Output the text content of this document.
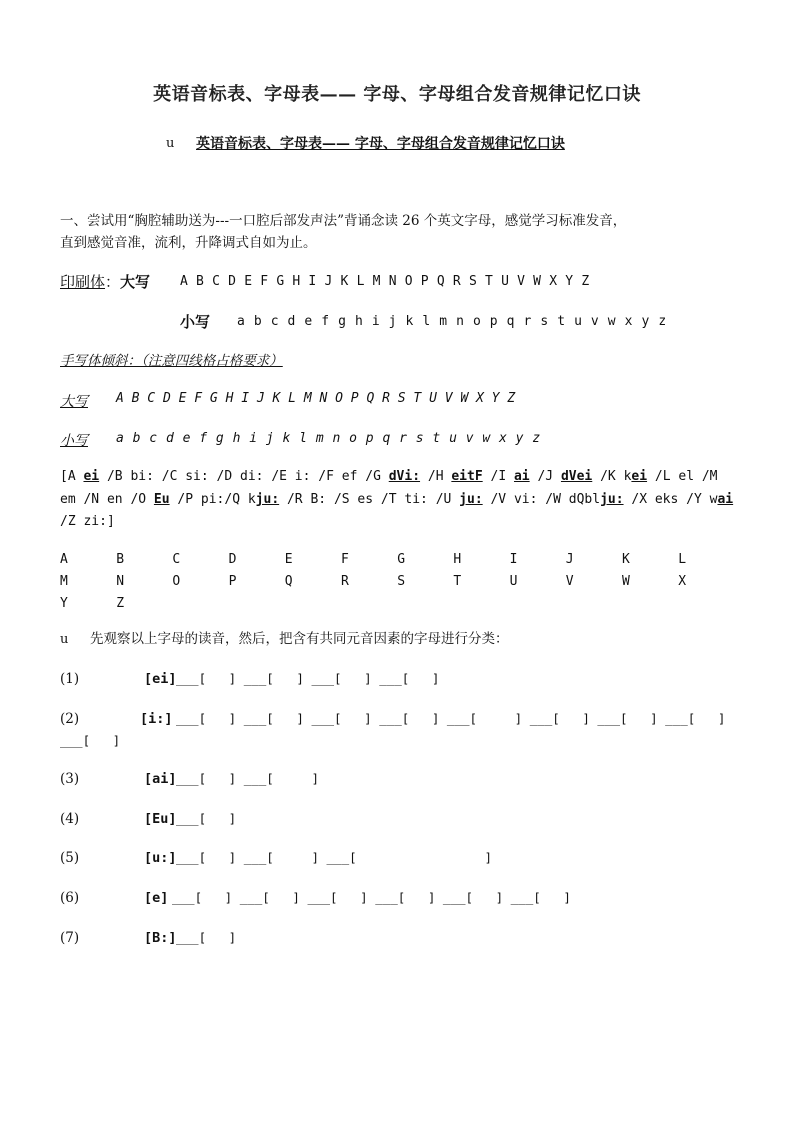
英语音标表、字母表—— 字母、字母组合发音规律记忆口诀
u 英语音标表、字母表—— 字母、字母组合发音规律记忆口诀
一、尝试用“胸腔辅助送为---一口腔后部发声法”背诵念读 26 个英文字母，感觉学习标准发音，
直到感觉音准，流利，升降调式自如为止。
印刷体：大写 A B C D E F G H I J K L M N O P Q R S T U V W X Y Z
小写 a b c d e f g h i j k l m n o p q r s t u v w x y z
手写体倾斜：（注意四线格占格要求）
大写 A B C D E F G H I J K L M N O P Q R S T U V W X Y Z
小写 a b c d e f g h i j k l m n o p q r s t u v w x y z
[A ei /B bi: /C si: /D di: /E i: /F ef /G dVi: /H eitF /I ai /J dVei /K kei /L el /M
em /N en /O Eu /P pi:/Q kju: /R B: /S es /T ti: /U ju: /V vi: /W dQblju: /X eks /Y wai
/Z zi:]
A	B	C	D	E	F	G	H	I	J	K	L
M	N	O	P	Q	R	S	T	U	V	W	X
Y	Z
u 先观察以上字母的读音，然后，把含有共同元音因素的字母进行分类：
(1)	[ei] ___[   ] ___[   ] ___[   ] ___[   ]
(2)	[i:] ___[   ] ___[   ] ___[   ] ___[   ] ___[     ] ___[   ] ___[   ] ___[   ]
___[   ]
(3)	[ai] ___[   ] ___[     ]
(4)	[Eu] ___[   ]
(5)	[u:] ___[   ] ___[     ] ___[                 ]
(6)	[e] ___[   ] ___[   ] ___[   ] ___[   ] ___[   ] ___[   ]
(7)	[B:] ___[   ]
